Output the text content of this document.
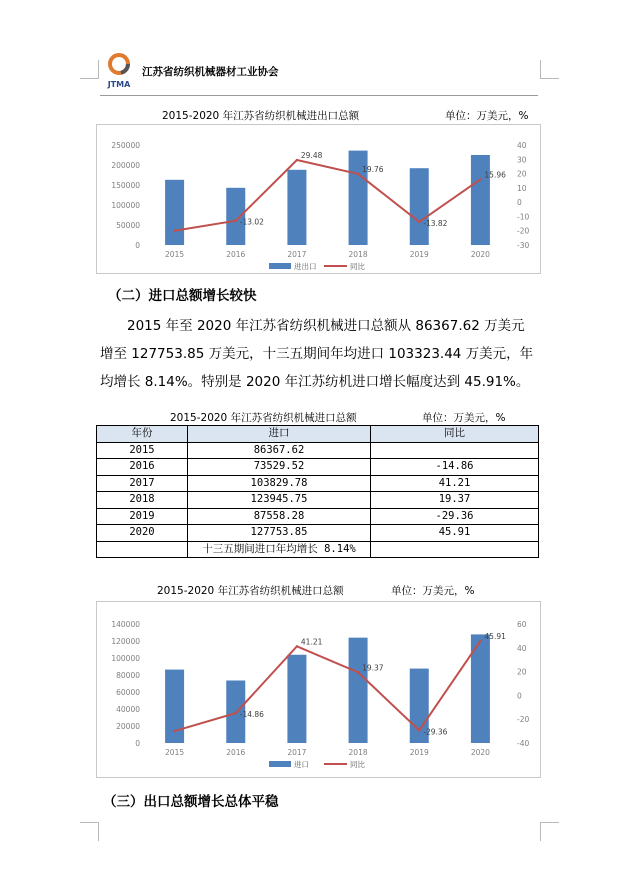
JTMA
江苏省纺织机械器材工业协会
2015-2020 年江苏省纺织机械进出口总额	单位：万美元，%
0
50000
100000
150000
200000
250000
-30
-20
-10
0
10
20
30
40
2015	2016	2017	2018	2019	2020
-13.02
29.48
19.76
-13.82
15.96
进出口	同比
（二）进口总额增长较快
2015 年至 2020 年江苏省纺织机械进口总额从 86367.62 万美元
增至 127753.85 万美元，十三五期间年均进口 103323.44 万美元，年
均增长 8.14%。特别是 2020 年江苏纺机进口增长幅度达到 45.91%。
2015-2020 年江苏省纺织机械进口总额	单位：万美元，%
年份	进口	同比
2015	86367.62	
2016	73529.52	-14.86
2017	103829.78	41.21
2018	123945.75	19.37
2019	87558.28	-29.36
2020	127753.85	45.91
	十三五期间进口年均增长 8.14%	
2015-2020 年江苏省纺织机械进口总额	单位：万美元，%
0
20000
40000
60000
80000
100000
120000
140000
-40
-20
0
20
40
60
2015	2016	2017	2018	2019	2020
-14.86
41.21
19.37
-29.36
45.91
进口	同比
（三）出口总额增长总体平稳
